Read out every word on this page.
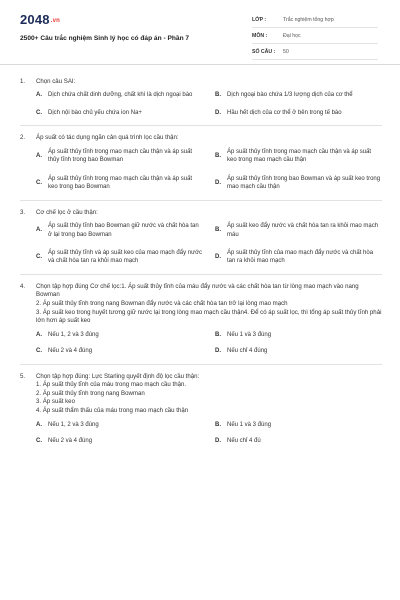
2048.vn
2500+ Câu trắc nghiệm Sinh lý học có đáp án - Phần 7
LỚP :	Trắc nghiệm tổng hợp
MÔN :	Đại học
SỐ CÂU :	50
1.	Chọn câu SAI:
A.	Dịch chứa chất dinh dưỡng, chất khí là dịch ngoại bào	B.	Dịch ngoại bào chứa 1/3 lượng dịch của cơ thể
C.	Dịch nội bào chủ yếu chứa ion Na+	D.	Hầu hết dịch của cơ thể ở bên trong tế bào
2.	Áp suất có tác dụng ngăn cản quá trình lọc cầu thận:
A.
Áp suất thủy tĩnh trong mao mạch cầu thận và áp suất thủy tĩnh trong bao Bowman
B.
Áp suất thủy tĩnh trong mao mạch cầu thận và áp suất keo trong mao mạch cầu thận
C.
Áp suất thủy tĩnh trong mao mạch cầu thận và áp suất keo trong bao Bowman
D.
Áp suất thủy tĩnh trong bao Bowman và áp suất keo trong mao mạch cầu thận
3.	Cơ chế lọc ở cầu thận:
A.
Áp suất thủy tĩnh bao Bowman giữ nước và chất hòa tan ở lại trong bao Bowman
B.
Áp suất keo đẩy nước và chất hòa tan ra khỏi mao mạch máu
C.
Áp suất thủy tĩnh và áp suất keo của mao mạch đẩy nước và chất hòa tan ra khỏi mao mạch
D.
Áp suất thủy tĩnh của mao mạch đẩy nước và chất hòa tan ra khỏi mao mạch
4.	Chọn tập hợp đúng Cơ chế lọc:1. Áp suất thủy tĩnh của máu đẩy nước và các chất hòa tan từ lòng mao mạch vào nang Bowman
2. Áp suất thủy tĩnh trong nang Bowman đẩy nước và các chất hòa tan trở lại lòng mao mạch
3. Áp suất keo trong huyết tương giữ nước lại trong lòng mao mạch cầu thận4. Để có áp suất lọc, thì tổng áp suất thủy tĩnh phải lớn hơn áp suất keo
A.	Nếu 1, 2 và 3 đúng	B.	Nếu 1 và 3 đúng
C.	Nếu 2 và 4 đúng	D.	Nếu chỉ 4 đúng
5.	Chọn tập hợp đúng: Lực Starling quyết định độ lọc cầu thận:
1. Áp suất thủy tĩnh của máu trong mao mạch cầu thận.
2. Áp suất thủy tĩnh trong nang Bowman
3. Áp suất keo
4. Áp suất thẩm thấu của máu trong mao mạch cầu thận
A.	Nếu 1, 2 và 3 đúng	B.	Nếu 1 và 3 đúng
C.	Nếu 2 và 4 đúng	D.	Nếu chỉ 4 đú
